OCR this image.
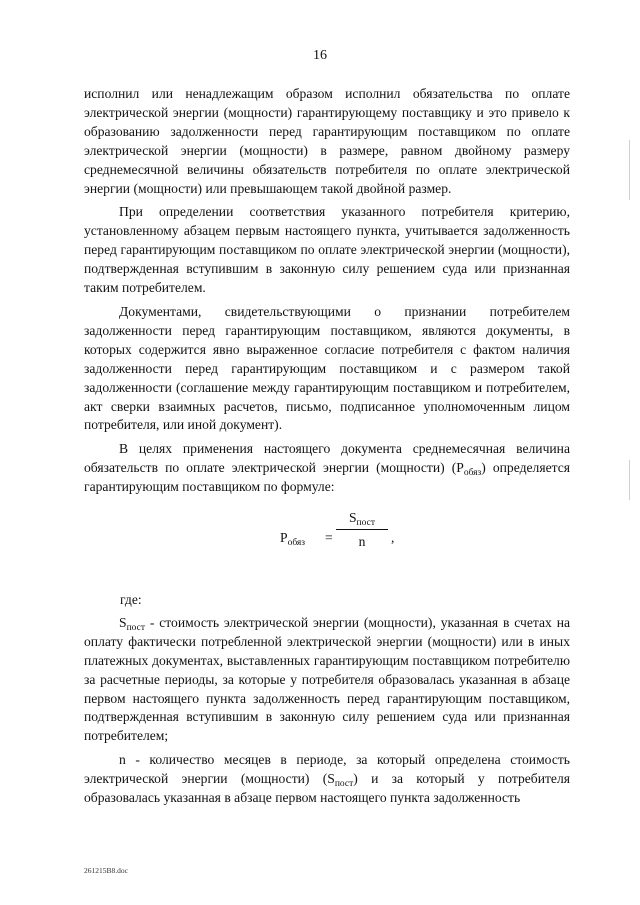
16

исполнил или ненадлежащим образом исполнил обязательства по оплате электрической энергии (мощности) гарантирующему поставщику и это привело к образованию задолженности перед гарантирующим поставщиком по оплате электрической энергии (мощности) в размере, равном двойному размеру среднемесячной величины обязательств потребителя по оплате электрической энергии (мощности) или превышающем такой двойной размер.

При определении соответствия указанного потребителя критерию, установленному абзацем первым настоящего пункта, учитывается задолженность перед гарантирующим поставщиком по оплате электрической энергии (мощности), подтвержденная вступившим в законную силу решением суда или признанная таким потребителем.

Документами, свидетельствующими о признании потребителем задолженности перед гарантирующим поставщиком, являются документы, в которых содержится явно выраженное согласие потребителя с фактом наличия задолженности перед гарантирующим поставщиком и с размером такой задолженности (соглашение между гарантирующим поставщиком и потребителем, акт сверки взаимных расчетов, письмо, подписанное уполномоченным лицом потребителя, или иной документ).

В целях применения настоящего документа среднемесячная величина обязательств по оплате электрической энергии (мощности) $(P_{обяз})$ определяется гарантирующим поставщиком по формуле:

$P_{обяз}$ =
$S_{пост}$
n	,

где:

$S_{пост}$ - стоимость электрической энергии (мощности), указанная в счетах на оплату фактически потребленной электрической энергии (мощности) или в иных платежных документах, выставленных гарантирующим поставщиком потребителю за расчетные периоды, за которые у потребителя образовалась указанная в абзаце первом настоящего пункта задолженность перед гарантирующим поставщиком, подтвержденная вступившим в законную силу решением суда или признанная потребителем;

n - количество месяцев в периоде, за который определена стоимость электрической энергии (мощности) $(S_{пост})$ и за который у потребителя образовалась указанная в абзаце первом настоящего пункта задолженность

261215B8.doc
